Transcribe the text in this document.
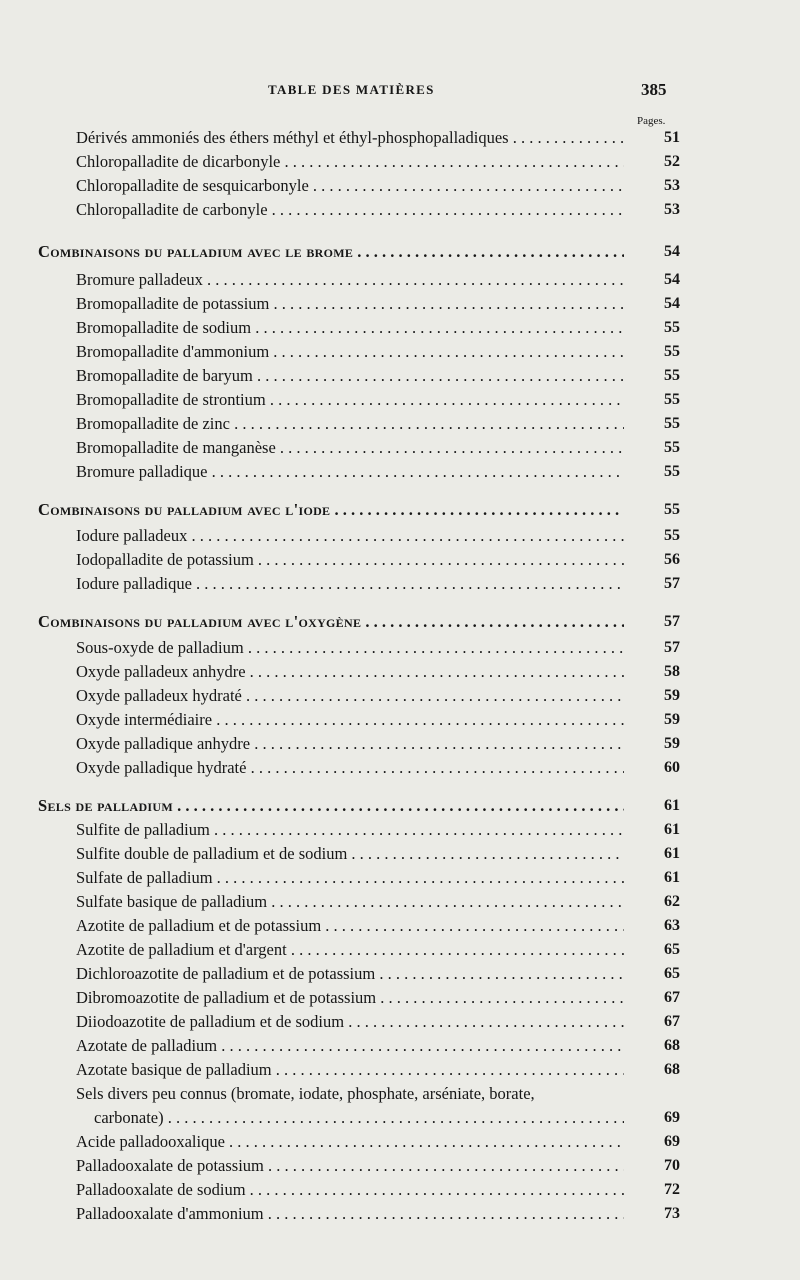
TABLE DES MATIÈRES	385
Pages.
Dérivés ammoniés des éthers méthyl et éthyl-phosphopalladiques . . .	51
Chloropalladite de dicarbonyle . . .	52
Chloropalladite de sesquicarbonyle . . .	53
Chloropalladite de carbonyle . . .	53
Combinaisons du palladium avec le brome . . .	54
Bromure palladeux . . .	54
Bromopalladite de potassium . . .	54
Bromopalladite de sodium . . .	55
Bromopalladite d'ammonium . . .	55
Bromopalladite de baryum . . .	55
Bromopalladite de strontium . . .	55
Bromopalladite de zinc . . .	55
Bromopalladite de manganèse . . .	55
Bromure palladique . . .	55
Combinaisons du palladium avec l'iode . . .	55
Iodure palladeux . . .	55
Iodopalladite de potassium . . .	56
Iodure palladique . . .	57
Combinaisons du palladium avec l'oxygène . . .	57
Sous-oxyde de palladium . . .	57
Oxyde palladeux anhydre . . .	58
Oxyde palladeux hydraté . . .	59
Oxyde intermédiaire . . .	59
Oxyde palladique anhydre . . .	59
Oxyde palladique hydraté . . .	60
Sels de palladium . . .	61
Sulfite de palladium . . .	61
Sulfite double de palladium et de sodium . . .	61
Sulfate de palladium . . .	61
Sulfate basique de palladium . . .	62
Azotite de palladium et de potassium . . .	63
Azotite de palladium et d'argent . . .	65
Dichloroazotite de palladium et de potassium . . .	65
Dibromoazotite de palladium et de potassium . . .	67
Diiodoazotite de palladium et de sodium . . .	67
Azotate de palladium . . .	68
Azotate basique de palladium . . .	68
Sels divers peu connus (bromate, iodate, phosphate, arséniate, borate,
carbonate) . . .	69
Acide palladooxalique . . .	69
Palladooxalate de potassium . . .	70
Palladooxalate de sodium . . .	72
Palladooxalate d'ammonium . . .	73
